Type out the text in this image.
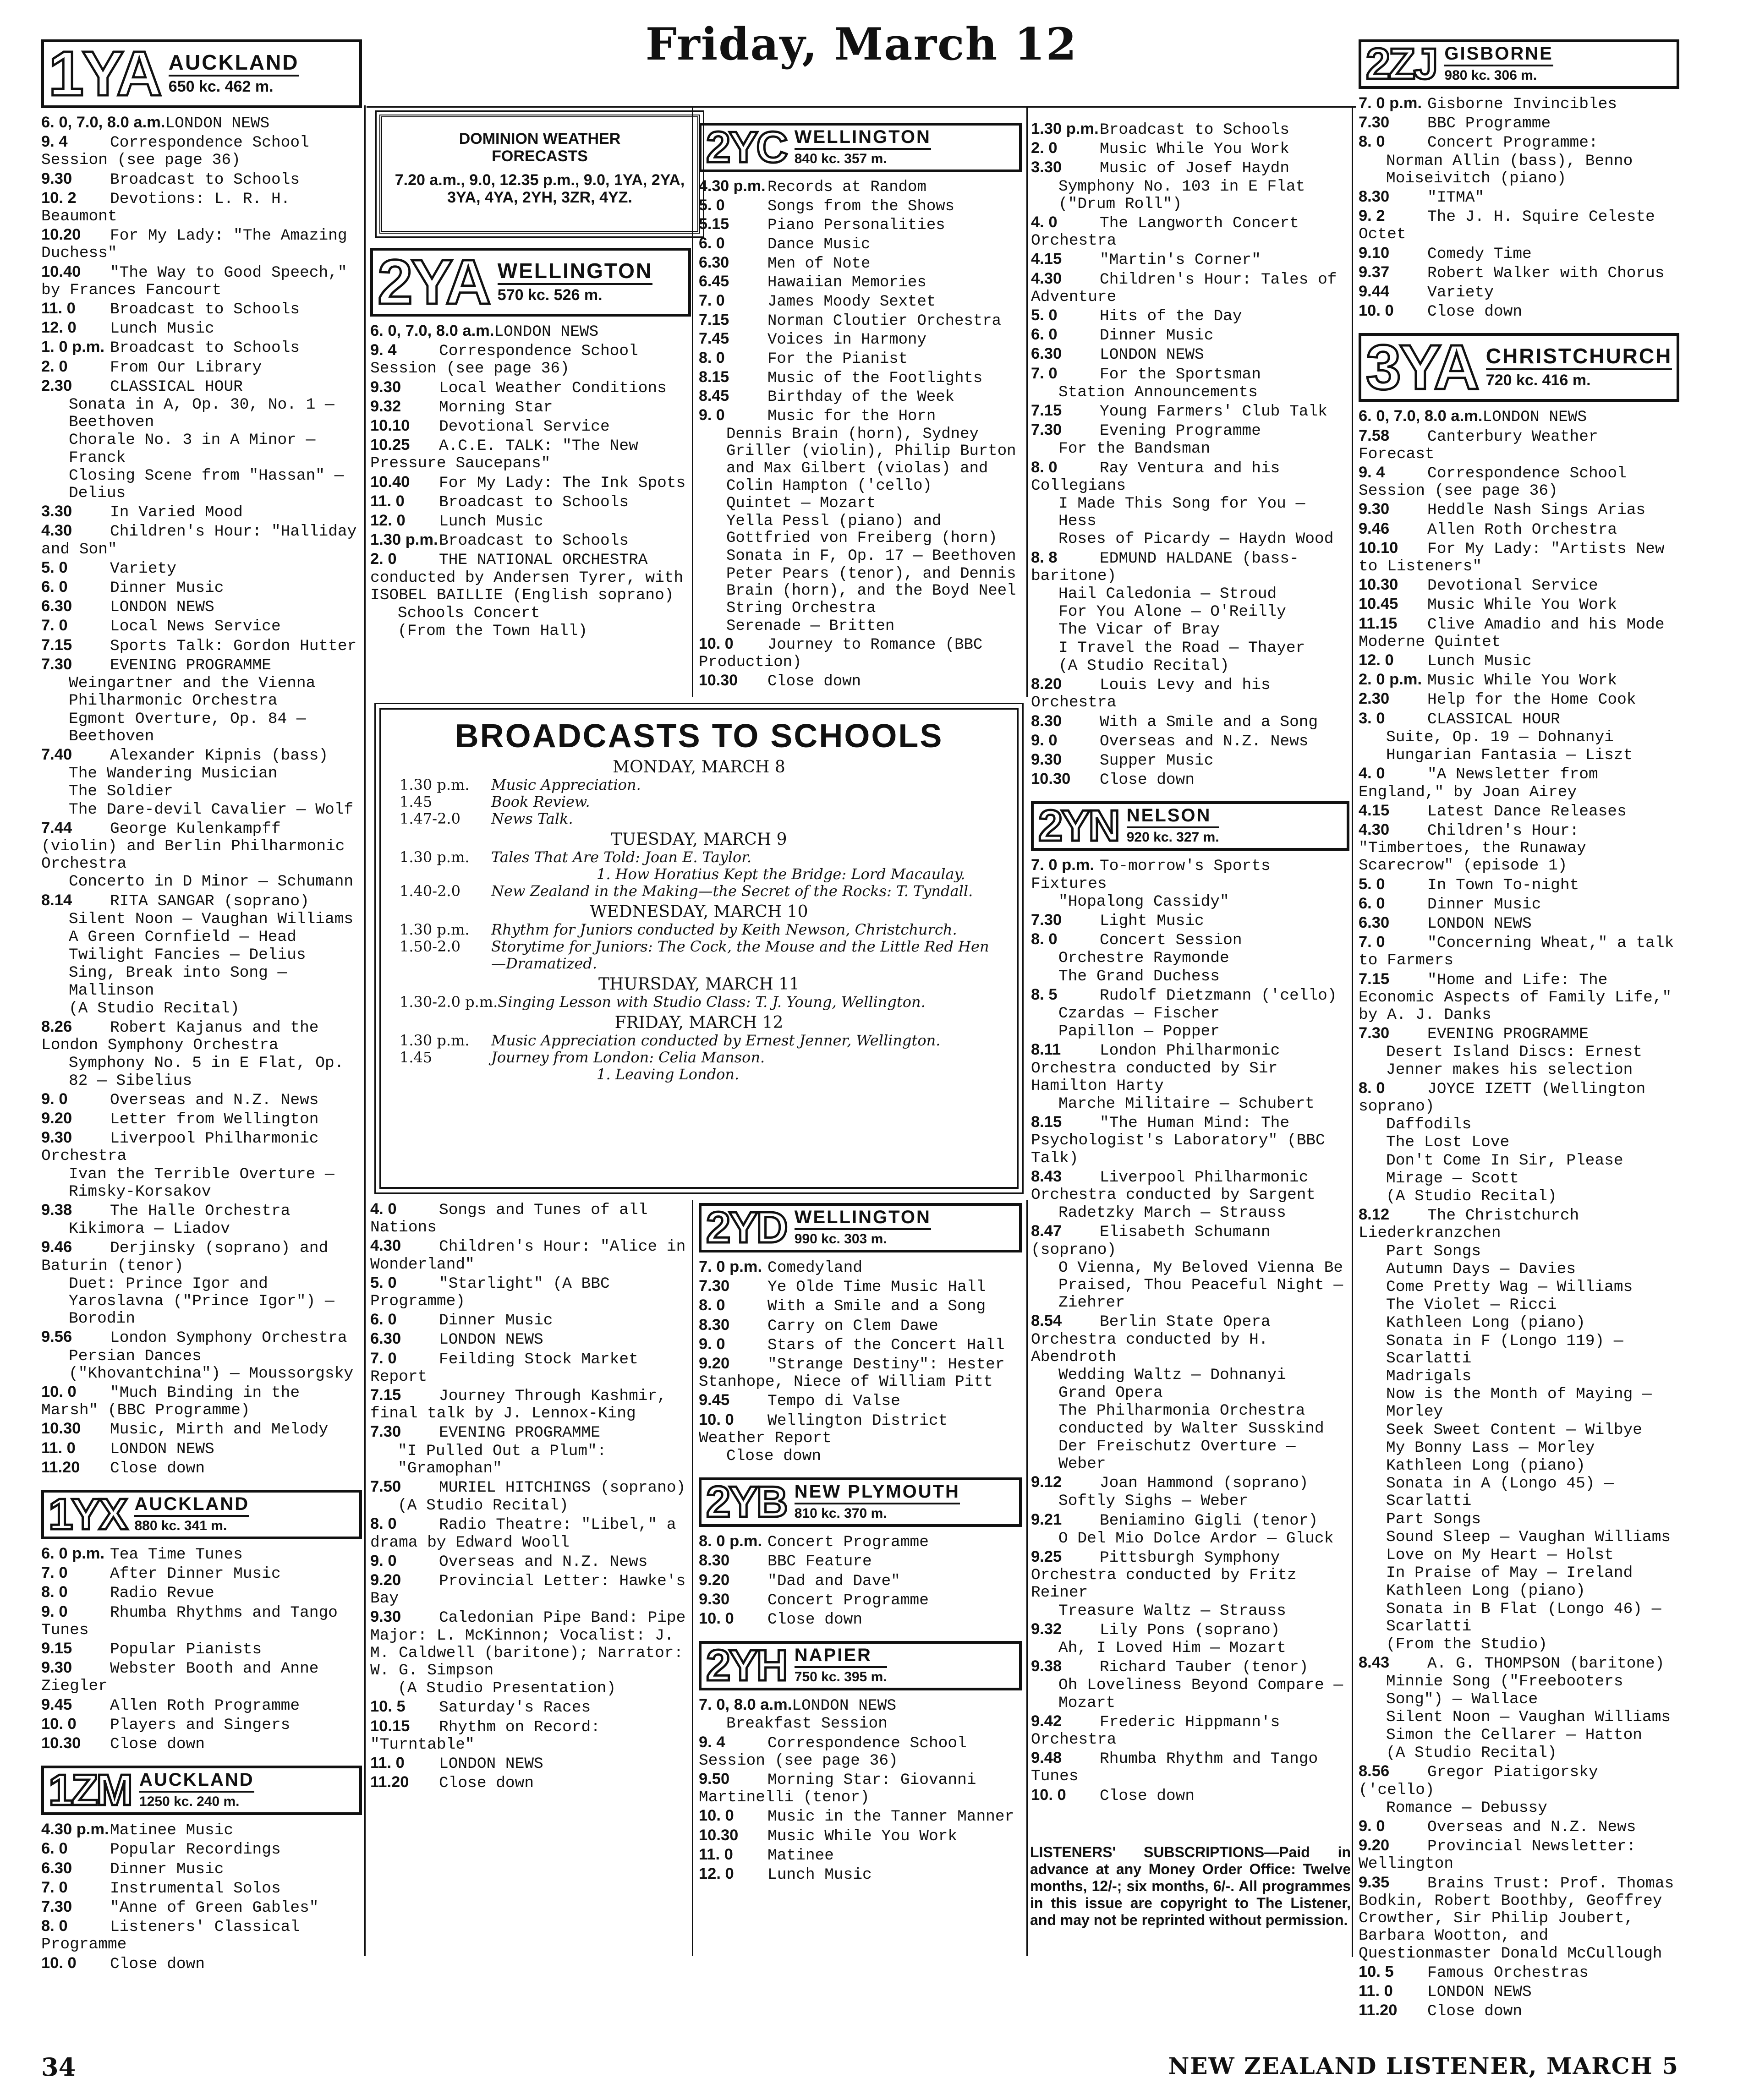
Friday, March 12
1YA AUCKLAND
650 kc. 462 m.
6. 0, 7.0, 8.0 a.m.LONDON NEWS
9. 4	Correspondence School Session (see page 36)
9.30 Broadcast to Schools
10. 2 Devotions: L. R. H. Beaumont
10.20 For My Lady: "The Amazing Duchess"
10.40 "The Way to Good Speech," by Frances Fancourt
11. 0 Broadcast to Schools
12. 0 Lunch Music
1. 0 p.m. Broadcast to Schools
2. 0	From Our Library
2.30 CLASSICAL HOUR
Sonata in A, Op. 30, No. 1 — Beethoven
Chorale No. 3 in A Minor — Franck
Closing Scene from "Hassan" — Delius
3.30 In Varied Mood
4.30 Children's Hour: "Halliday and Son"
5. 0	Variety
6. 0	Dinner Music
6.30 LONDON NEWS
7. 0	Local News Service
7.15 Sports Talk: Gordon Hutter
7.30 EVENING PROGRAMME
Weingartner and the Vienna Philharmonic Orchestra
Egmont Overture, Op. 84 — Beethoven
7.40 Alexander Kipnis (bass)
The Wandering Musician
The Soldier
The Dare-devil Cavalier — Wolf
7.44 George Kulenkampff (violin) and Berlin Philharmonic Orchestra
Concerto in D Minor — Schumann
8.14 RITA SANGAR (soprano)
Silent Noon — Vaughan Williams
A Green Cornfield — Head
Twilight Fancies — Delius
Sing, Break into Song — Mallinson
(A Studio Recital)
8.26 Robert Kajanus and the London Symphony Orchestra
Symphony No. 5 in E Flat, Op. 82 — Sibelius
9. 0	Overseas and N.Z. News
9.20 Letter from Wellington
9.30 Liverpool Philharmonic Orchestra
Ivan the Terrible Overture — Rimsky-Korsakov
9.38 The Halle Orchestra
Kikimora — Liadov
9.46 Derjinsky (soprano) and Baturin (tenor)
Duet: Prince Igor and Yaroslavna ("Prince Igor") — Borodin
9.56 London Symphony Orchestra
Persian Dances ("Khovantchina") — Moussorgsky
10. 0 "Much Binding in the Marsh" (BBC Programme)
10.30 Music, Mirth and Melody
11. 0 LONDON NEWS
11.20 Close down
1YX AUCKLAND
880 kc. 341 m.
6. 0 p.m. Tea Time Tunes
7. 0	After Dinner Music
8. 0	Radio Revue
9. 0	Rhumba Rhythms and Tango Tunes
9.15 Popular Pianists
9.30 Webster Booth and Anne Ziegler
9.45 Allen Roth Programme
10. 0 Players and Singers
10.30 Close down
1ZM AUCKLAND
1250 kc. 240 m.
4.30 p.m.Matinee Music
6. 0	Popular Recordings
6.30 Dinner Music
7. 0	Instrumental Solos
7.30 "Anne of Green Gables"
8. 0	Listeners' Classical Programme
10. 0 Close down
DOMINION WEATHER FORECASTS
7.20 a.m., 9.0, 12.35 p.m., 9.0, 1YA, 2YA, 3YA, 4YA, 2YH, 3ZR, 4YZ.
2YA WELLINGTON
570 kc. 526 m.
6. 0, 7.0, 8.0 a.m.LONDON NEWS
9. 4	Correspondence School Session (see page 36)
9.30 Local Weather Conditions
9.32 Morning Star
10.10 Devotional Service
10.25 A.C.E. TALK: "The New Pressure Saucepans"
10.40 For My Lady: The Ink Spots
11. 0 Broadcast to Schools
12. 0 Lunch Music
1.30 p.m.Broadcast to Schools
2. 0	THE NATIONAL ORCHESTRA conducted by Andersen Tyrer, with ISOBEL BAILLIE (English soprano)
Schools Concert
(From the Town Hall)
2YC WELLINGTON
840 kc. 357 m.
4.30 p.m. Records at Random
5. 0	Songs from the Shows
5.15 Piano Personalities
6. 0	Dance Music
6.30 Men of Note
6.45 Hawaiian Memories
7. 0	James Moody Sextet
7.15 Norman Cloutier Orchestra
7.45 Voices in Harmony
8. 0	For the Pianist
8.15 Music of the Footlights
8.45 Birthday of the Week
9. 0	Music for the Horn
Dennis Brain (horn), Sydney Griller (violin), Philip Burton and Max Gilbert (violas) and Colin Hampton ('cello)
Quintet — Mozart
Yella Pessl (piano) and Gottfried von Freiberg (horn)
Sonata in F, Op. 17 — Beethoven
Peter Pears (tenor), and Dennis Brain (horn), and the Boyd Neel String Orchestra
Serenade — Britten
10. 0 Journey to Romance (BBC Production)
10.30 Close down
1.30 p.m.Broadcast to Schools
2. 0	Music While You Work
3.30 Music of Josef Haydn
Symphony No. 103 in E Flat ("Drum Roll")
4. 0	The Langworth Concert Orchestra
4.15 "Martin's Corner"
4.30 Children's Hour: Tales of Adventure
5. 0	Hits of the Day
6. 0	Dinner Music
6.30 LONDON NEWS
7. 0	For the Sportsman
Station Announcements
7.15 Young Farmers' Club Talk
7.30 Evening Programme
For the Bandsman
8. 0	Ray Ventura and his Collegians
I Made This Song for You — Hess
Roses of Picardy — Haydn Wood
8. 8	EDMUND HALDANE (bass-baritone)
Hail Caledonia — Stroud
For You Alone — O'Reilly
The Vicar of Bray
I Travel the Road — Thayer
(A Studio Recital)
8.20 Louis Levy and his Orchestra
8.30 With a Smile and a Song
9. 0	Overseas and N.Z. News
9.30 Supper Music
10.30 Close down
2YN NELSON
920 kc. 327 m.
7. 0 p.m. To-morrow's Sports Fixtures
"Hopalong Cassidy"
7.30 Light Music
8. 0	Concert Session
Orchestre Raymonde
The Grand Duchess
8. 5	Rudolf Dietzmann ('cello)
Czardas — Fischer
Papillon — Popper
8.11 London Philharmonic Orchestra conducted by Sir Hamilton Harty
Marche Militaire — Schubert
8.15 "The Human Mind: The Psychologist's Laboratory" (BBC Talk)
8.43 Liverpool Philharmonic Orchestra conducted by Sargent
Radetzky March — Strauss
8.47 Elisabeth Schumann (soprano)
O Vienna, My Beloved Vienna Be Praised, Thou Peaceful Night — Ziehrer
8.54 Berlin State Opera Orchestra conducted by H. Abendroth
Wedding Waltz — Dohnanyi
Grand Opera
The Philharmonia Orchestra conducted by Walter Susskind
Der Freischutz Overture — Weber
9.12 Joan Hammond (soprano)
Softly Sighs — Weber
9.21 Beniamino Gigli (tenor)
O Del Mio Dolce Ardor — Gluck
9.25 Pittsburgh Symphony Orchestra conducted by Fritz Reiner
Treasure Waltz — Strauss
9.32 Lily Pons (soprano)
Ah, I Loved Him — Mozart
9.38 Richard Tauber (tenor)
Oh Loveliness Beyond Compare — Mozart
9.42 Frederic Hippmann's Orchestra
9.48 Rhumba Rhythm and Tango Tunes
10. 0 Close down
2ZJ GISBORNE
980 kc. 306 m.
7. 0 p.m. Gisborne Invincibles
7.30 BBC Programme
8. 0	Concert Programme:
Norman Allin (bass), Benno Moiseivitch (piano)
8.30 "ITMA"
9. 2	The J. H. Squire Celeste Octet
9.10 Comedy Time
9.37 Robert Walker with Chorus
9.44 Variety
10. 0 Close down
3YA CHRISTCHURCH
720 kc. 416 m.
6. 0, 7.0, 8.0 a.m.LONDON NEWS
7.58 Canterbury Weather Forecast
9. 4	Correspondence School Session (see page 36)
9.30 Heddle Nash Sings Arias
9.46 Allen Roth Orchestra
10.10 For My Lady: "Artists New to Listeners"
10.30 Devotional Service
10.45 Music While You Work
11.15 Clive Amadio and his Mode Moderne Quintet
12. 0 Lunch Music
2. 0 p.m. Music While You Work
2.30 Help for the Home Cook
3. 0	CLASSICAL HOUR
Suite, Op. 19 — Dohnanyi
Hungarian Fantasia — Liszt
4. 0	"A Newsletter from England," by Joan Airey
4.15 Latest Dance Releases
4.30 Children's Hour: "Timbertoes, the Runaway Scarecrow" (episode 1)
5. 0	In Town To-night
6. 0	Dinner Music
6.30 LONDON NEWS
7. 0	"Concerning Wheat," a talk to Farmers
7.15 "Home and Life: The Economic Aspects of Family Life," by A. J. Danks
7.30 EVENING PROGRAMME
Desert Island Discs: Ernest Jenner makes his selection
8. 0	JOYCE IZETT (Wellington soprano)
Daffodils
The Lost Love
Don't Come In Sir, Please
Mirage — Scott
(A Studio Recital)
8.12 The Christchurch Liederkranzchen
Part Songs
Autumn Days — Davies
Come Pretty Wag — Williams
The Violet — Ricci
Kathleen Long (piano)
Sonata in F (Longo 119) — Scarlatti
Madrigals
Now is the Month of Maying — Morley
Seek Sweet Content — Wilbye
My Bonny Lass — Morley
Kathleen Long (piano)
Sonata in A (Longo 45) — Scarlatti
Part Songs
Sound Sleep — Vaughan Williams
Love on My Heart — Holst
In Praise of May — Ireland
Kathleen Long (piano)
Sonata in B Flat (Longo 46) — Scarlatti
(From the Studio)
8.43 A. G. THOMPSON (baritone)
Minnie Song ("Freebooters Song") — Wallace
Silent Noon — Vaughan Williams
Simon the Cellarer — Hatton
(A Studio Recital)
8.56 Gregor Piatigorsky ('cello)
Romance — Debussy
9. 0	Overseas and N.Z. News
9.20 Provincial Newsletter: Wellington
9.35 Brains Trust: Prof. Thomas Bodkin, Robert Boothby, Geoffrey Crowther, Sir Philip Joubert, Barbara Wootton, and Questionmaster Donald McCullough
10. 5 Famous Orchestras
11. 0 LONDON NEWS
11.20 Close down
BROADCASTS TO SCHOOLS
MONDAY, MARCH 8
1.30 p.m.	Music Appreciation.
1.45	Book Review.
1.47-2.0	News Talk.
TUESDAY, MARCH 9
1.30 p.m.	Tales That Are Told: Joan E. Taylor.
1. How Horatius Kept the Bridge: Lord Macaulay.
1.40-2.0	New Zealand in the Making—the Secret of the Rocks: T. Tyndall.
WEDNESDAY, MARCH 10
1.30 p.m.	Rhythm for Juniors conducted by Keith Newson, Christchurch.
1.50-2.0	Storytime for Juniors: The Cock, the Mouse and the Little Red Hen—Dramatized.
THURSDAY, MARCH 11
1.30-2.0 p.m. Singing Lesson with Studio Class: T. J. Young, Wellington.
FRIDAY, MARCH 12
1.30 p.m.	Music Appreciation conducted by Ernest Jenner, Wellington.
1.45	Journey from London: Celia Manson.
1. Leaving London.
4. 0	Songs and Tunes of all Nations
4.30 Children's Hour: "Alice in Wonderland"
5. 0	"Starlight" (A BBC Programme)
6. 0	Dinner Music
6.30 LONDON NEWS
7. 0	Feilding Stock Market Report
7.15 Journey Through Kashmir, final talk by J. Lennox-King
7.30 EVENING PROGRAMME
"I Pulled Out a Plum": "Gramophan"
7.50 MURIEL HITCHINGS (soprano)
(A Studio Recital)
8. 0	Radio Theatre: "Libel," a drama by Edward Wooll
9. 0	Overseas and N.Z. News
9.20 Provincial Letter: Hawke's Bay
9.30 Caledonian Pipe Band: Pipe Major: L. McKinnon; Vocalist: J. M. Caldwell (baritone); Narrator: W. G. Simpson
(A Studio Presentation)
10. 5 Saturday's Races
10.15 Rhythm on Record: "Turntable"
11. 0 LONDON NEWS
11.20 Close down
2YD WELLINGTON
990 kc. 303 m.
7. 0 p.m. Comedyland
7.30 Ye Olde Time Music Hall
8. 0	With a Smile and a Song
8.30 Carry on Clem Dawe
9. 0	Stars of the Concert Hall
9.20 "Strange Destiny": Hester Stanhope, Niece of William Pitt
9.45 Tempo di Valse
10. 0 Wellington District Weather Report
Close down
2YB NEW PLYMOUTH
810 kc. 370 m.
8. 0 p.m. Concert Programme
8.30 BBC Feature
9.20 "Dad and Dave"
9.30 Concert Programme
10. 0 Close down
2YH NAPIER
750 kc. 395 m.
7. 0, 8.0 a.m.LONDON NEWS
Breakfast Session
9. 4	Correspondence School Session (see page 36)
9.50 Morning Star: Giovanni Martinelli (tenor)
10. 0 Music in the Tanner Manner
10.30 Music While You Work
11. 0 Matinee
12. 0 Lunch Music
LISTENERS' SUBSCRIPTIONS—Paid in advance at any Money Order Office: Twelve months, 12/-; six months, 6/-. All programmes in this issue are copyright to The Listener, and may not be reprinted without permission.
34	NEW ZEALAND LISTENER, MARCH 5
